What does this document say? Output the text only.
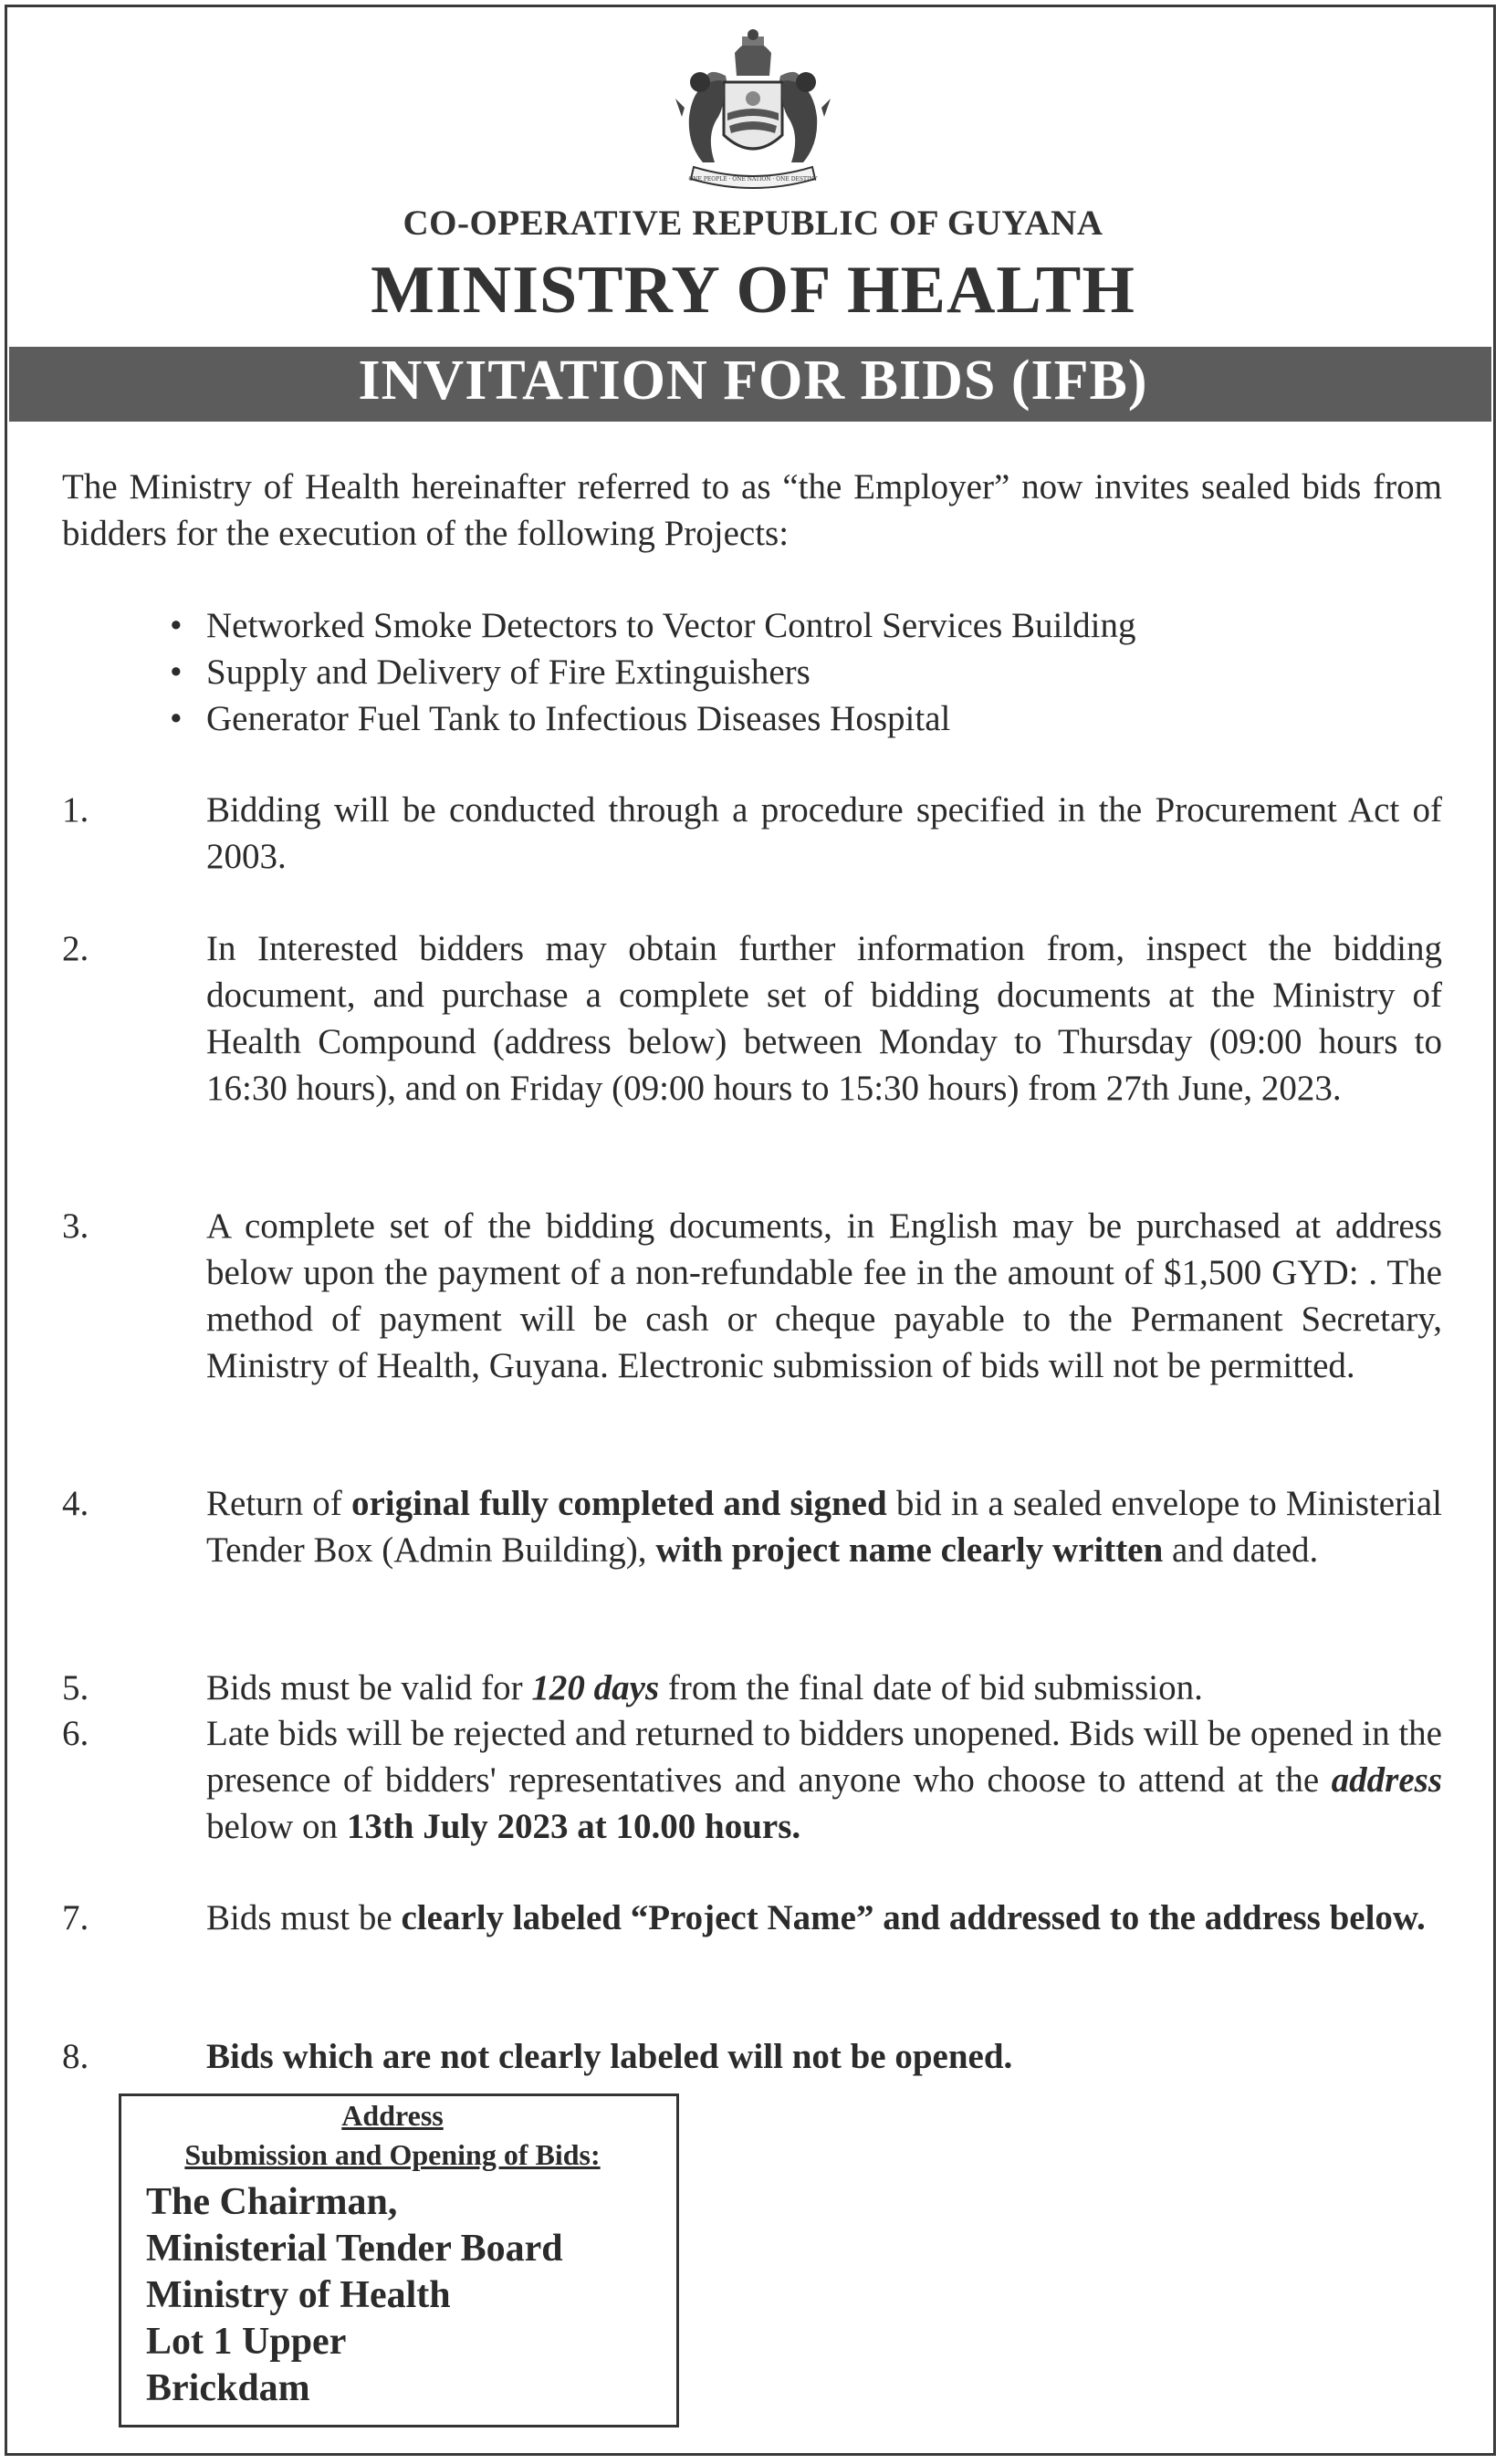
ONE PEOPLE · ONE NATION · ONE DESTINY
CO-OPERATIVE REPUBLIC OF GUYANA
MINISTRY OF HEALTH
INVITATION FOR BIDS (IFB)
The Ministry of Health hereinafter referred to as “the Employer” now invites sealed bids from bidders for the execution of the following Projects:
• Networked Smoke Detectors to Vector Control Services Building
• Supply and Delivery of Fire Extinguishers
• Generator Fuel Tank to Infectious Diseases Hospital
1.	Bidding will be conducted through a procedure specified in the Procurement Act of 2003.
2.	In Interested bidders may obtain further information from, inspect the bidding document, and purchase a complete set of bidding documents at the Ministry of Health Compound (address below) between Monday to Thursday (09:00 hours to 16:30 hours), and on Friday (09:00 hours to 15:30 hours) from 27th June, 2023.
3.	A complete set of the bidding documents, in English may be purchased at address below upon the payment of a non-refundable fee in the amount of $1,500 GYD: . The method of payment will be cash or cheque payable to the Permanent Secretary, Ministry of Health, Guyana. Electronic submission of bids will not be permitted.
4.	Return of original fully completed and signed bid in a sealed envelope to Ministerial Tender Box (Admin Building), with project name clearly written and dated.
5.	Bids must be valid for 120 days from the final date of bid submission.
6.	Late bids will be rejected and returned to bidders unopened. Bids will be opened in the presence of bidders' representatives and anyone who choose to attend at the address below on 13th July 2023 at 10.00 hours.
7.	Bids must be clearly labeled “Project Name” and addressed to the address below.
8.	Bids which are not clearly labeled will not be opened.
Address
Submission and Opening of Bids:
The Chairman,
Ministerial Tender Board
Ministry of Health
Lot 1 Upper
Brickdam
